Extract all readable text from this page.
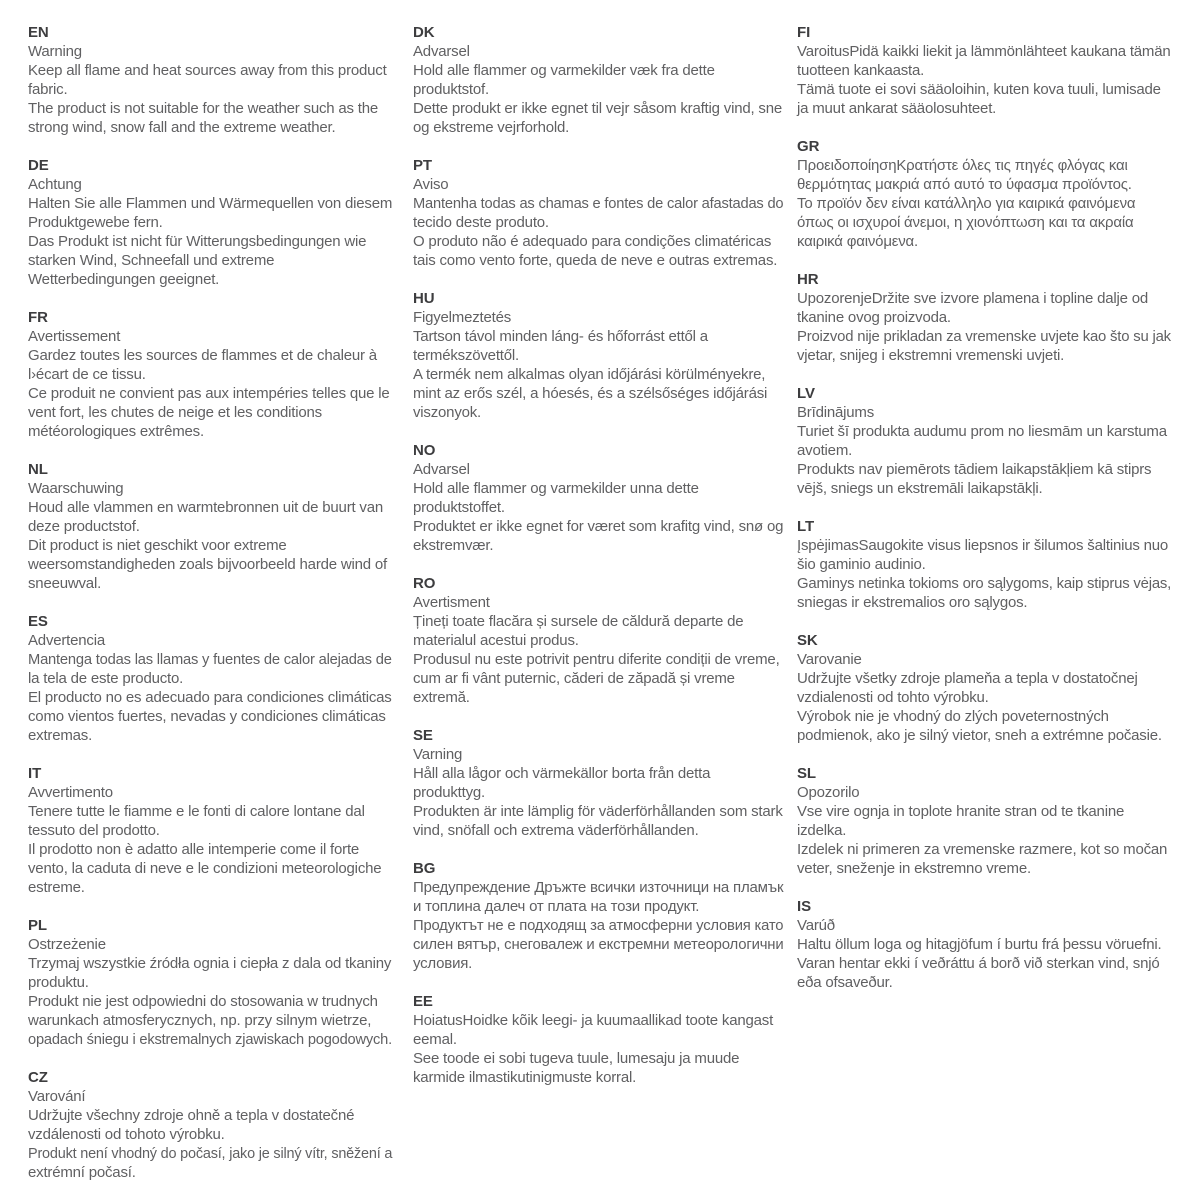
EN
Warning
Keep all flame and heat sources away from this product
fabric.
The product is not suitable for the weather such as the
strong wind, snow fall and the extreme weather.
DE
Achtung
Halten Sie alle Flammen und Wärmequellen von diesem
Produktgewebe fern.
Das Produkt ist nicht für Witterungsbedingungen wie
starken Wind, Schneefall und extreme
Wetterbedingungen geeignet.
FR
Avertissement
Gardez toutes les sources de flammes et de chaleur à
l›écart de ce tissu.
Ce produit ne convient pas aux intempéries telles que le
vent fort, les chutes de neige et les conditions
météorologiques extrêmes.
NL
Waarschuwing
Houd alle vlammen en warmtebronnen uit de buurt van
deze productstof.
Dit product is niet geschikt voor extreme
weersomstandigheden zoals bijvoorbeeld harde wind of
sneeuwval.
ES
Advertencia
Mantenga todas las llamas y fuentes de calor alejadas de
la tela de este producto.
El producto no es adecuado para condiciones climáticas
como vientos fuertes, nevadas y condiciones climáticas
extremas.
IT
Avvertimento
Tenere tutte le fiamme e le fonti di calore lontane dal
tessuto del prodotto.
Il prodotto non è adatto alle intemperie come il forte
vento, la caduta di neve e le condizioni meteorologiche
estreme.
PL
Ostrzeżenie
Trzymaj wszystkie źródła ognia i ciepła z dala od tkaniny
produktu.
Produkt nie jest odpowiedni do stosowania w trudnych
warunkach atmosferycznych, np. przy silnym wietrze,
opadach śniegu i ekstremalnych zjawiskach pogodowych.
CZ
Varování
Udržujte všechny zdroje ohně a tepla v dostatečné
vzdálenosti od tohoto výrobku.
Produkt není vhodný do počasí, jako je silný vítr, sněžení a
extrémní počasí.
DK
Advarsel
Hold alle flammer og varmekilder væk fra dette
produktstof.
Dette produkt er ikke egnet til vejr såsom kraftig vind, sne
og ekstreme vejrforhold.
PT
Aviso
Mantenha todas as chamas e fontes de calor afastadas do
tecido deste produto.
O produto não é adequado para condições climatéricas
tais como vento forte, queda de neve e outras extremas.
HU
Figyelmeztetés
Tartson távol minden láng- és hőforrást ettől a
termékszövettől.
A termék nem alkalmas olyan időjárási körülményekre,
mint az erős szél, a hóesés, és a szélsőséges időjárási
viszonyok.
NO
Advarsel
Hold alle flammer og varmekilder unna dette
produktstoffet.
Produktet er ikke egnet for været som krafitg vind, snø og
ekstremvær.
RO
Avertisment
Țineți toate flacăra și sursele de căldură departe de
materialul acestui produs.
Produsul nu este potrivit pentru diferite condiții de vreme,
cum ar fi vânt puternic, căderi de zăpadă și vreme
extremă.
SE
Varning
Håll alla lågor och värmekällor borta från detta
produkttyg.
Produkten är inte lämplig för väderförhållanden som stark
vind, snöfall och extrema väderförhållanden.
BG
Предупреждение Дръжте всички източници на пламък
и топлина далеч от плата на този продукт.
Продуктът не е подходящ за атмосферни условия като
силен вятър, снеговалеж и екстремни метеорологични
условия.
EE
HoiatusHoidke kõik leegi- ja kuumaallikad toote kangast
eemal.
See toode ei sobi tugeva tuule, lumesaju ja muude
karmide ilmastikutinigmuste korral.
FI
VaroitusPidä kaikki liekit ja lämmönlähteet kaukana tämän
tuotteen kankaasta.
Tämä tuote ei sovi sääoloihin, kuten kova tuuli, lumisade
ja muut ankarat sääolosuhteet.
GR
ΠροειδοποίησηΚρατήστε όλες τις πηγές φλόγας και
θερμότητας μακριά από αυτό το ύφασμα προϊόντος.
Το προϊόν δεν είναι κατάλληλο για καιρικά φαινόμενα
όπως οι ισχυροί άνεμοι, η χιονόπτωση και τα ακραία
καιρικά φαινόμενα.
HR
UpozorenjeDržite sve izvore plamena i topline dalje od
tkanine ovog proizvoda.
Proizvod nije prikladan za vremenske uvjete kao što su jak
vjetar, snijeg i ekstremni vremenski uvjeti.
LV
Brīdinājums
Turiet šī produkta audumu prom no liesmām un karstuma
avotiem.
Produkts nav piemērots tādiem laikapstākļiem kā stiprs
vējš, sniegs un ekstremāli laikapstākļi.
LT
ĮspėjimasSaugokite visus liepsnos ir šilumos šaltinius nuo
šio gaminio audinio.
Gaminys netinka tokioms oro sąlygoms, kaip stiprus vėjas,
sniegas ir ekstremalios oro sąlygos.
SK
Varovanie
Udržujte všetky zdroje plameňa a tepla v dostatočnej
vzdialenosti od tohto výrobku.
Výrobok nie je vhodný do zlých poveternostných
podmienok, ako je silný vietor, sneh a extrémne počasie.
SL
Opozorilo
Vse vire ognja in toplote hranite stran od te tkanine
izdelka.
Izdelek ni primeren za vremenske razmere, kot so močan
veter, sneženje in ekstremno vreme.
IS
Varúð
Haltu öllum loga og hitagjöfum í burtu frá þessu vöruefni.
Varan hentar ekki í veðráttu á borð við sterkan vind, snjó
eða ofsaveður.
